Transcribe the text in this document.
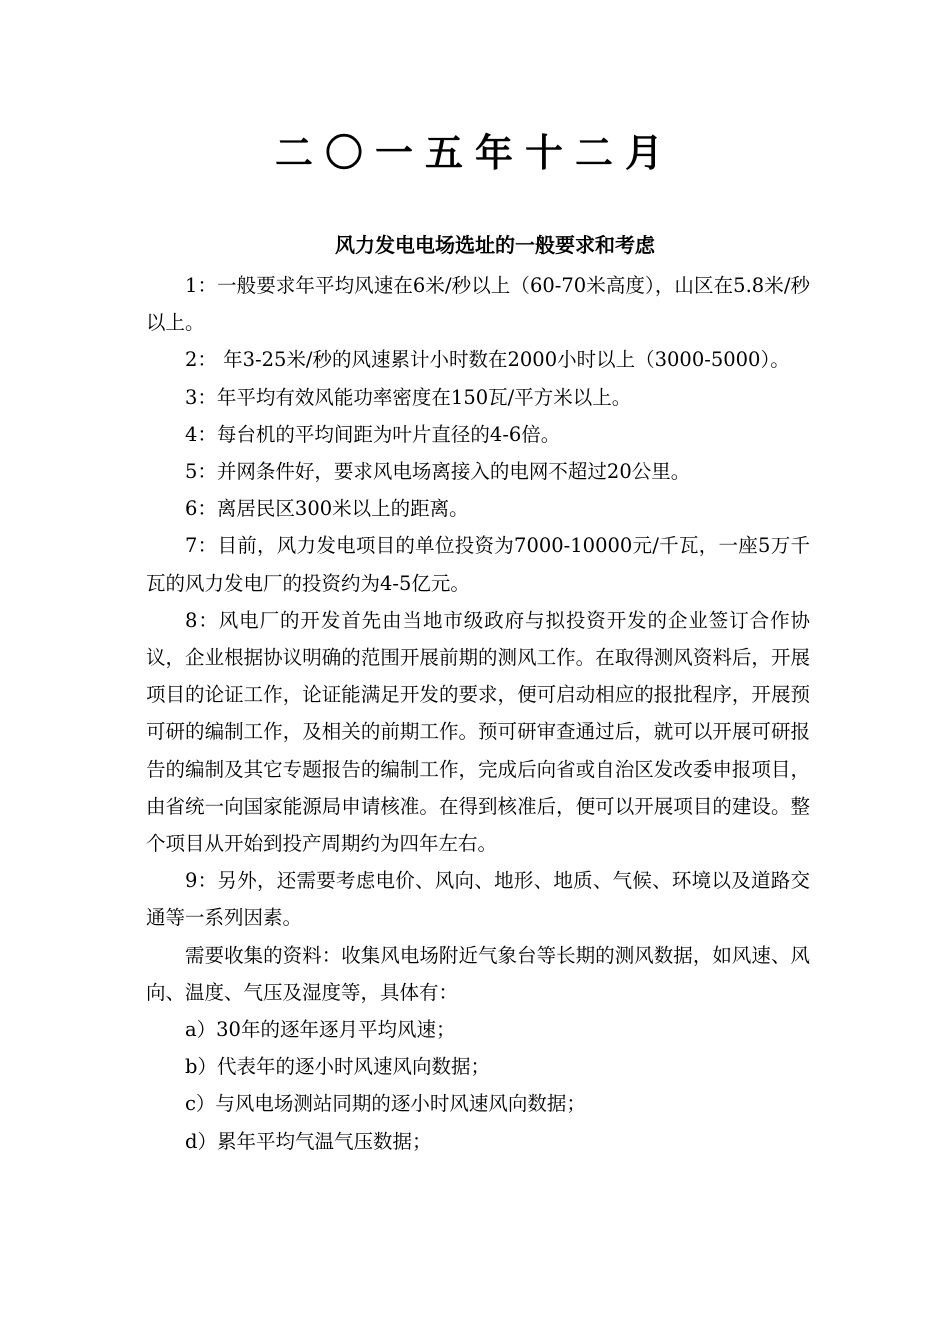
二〇一五年十二月
风力发电电场选址的一般要求和考虑

1：一般要求年平均风速在6米/秒以上（60-70米高度），山区在5.8米/秒以上。

2： 年3-25米/秒的风速累计小时数在2000小时以上（3000-5000）。

3：年平均有效风能功率密度在150瓦/平方米以上。

4：每台机的平均间距为叶片直径的4-6倍。

5：并网条件好，要求风电场离接入的电网不超过20公里。

6：离居民区300米以上的距离。

7：目前，风力发电项目的单位投资为7000-10000元/千瓦，一座5万千瓦的风力发电厂的投资约为4-5亿元。

8：风电厂的开发首先由当地市级政府与拟投资开发的企业签订合作协议，企业根据协议明确的范围开展前期的测风工作。在取得测风资料后，开展项目的论证工作，论证能满足开发的要求，便可启动相应的报批程序，开展预可研的编制工作，及相关的前期工作。预可研审查通过后，就可以开展可研报告的编制及其它专题报告的编制工作，完成后向省或自治区发改委申报项目，由省统一向国家能源局申请核准。在得到核准后，便可以开展项目的建设。整个项目从开始到投产周期约为四年左右。

9：另外，还需要考虑电价、风向、地形、地质、气候、环境以及道路交通等一系列因素。

需要收集的资料：收集风电场附近气象台等长期的测风数据，如风速、风向、温度、气压及湿度等，具体有：

a）30年的逐年逐月平均风速；

b）代表年的逐小时风速风向数据；

c）与风电场测站同期的逐小时风速风向数据；

d）累年平均气温气压数据；
